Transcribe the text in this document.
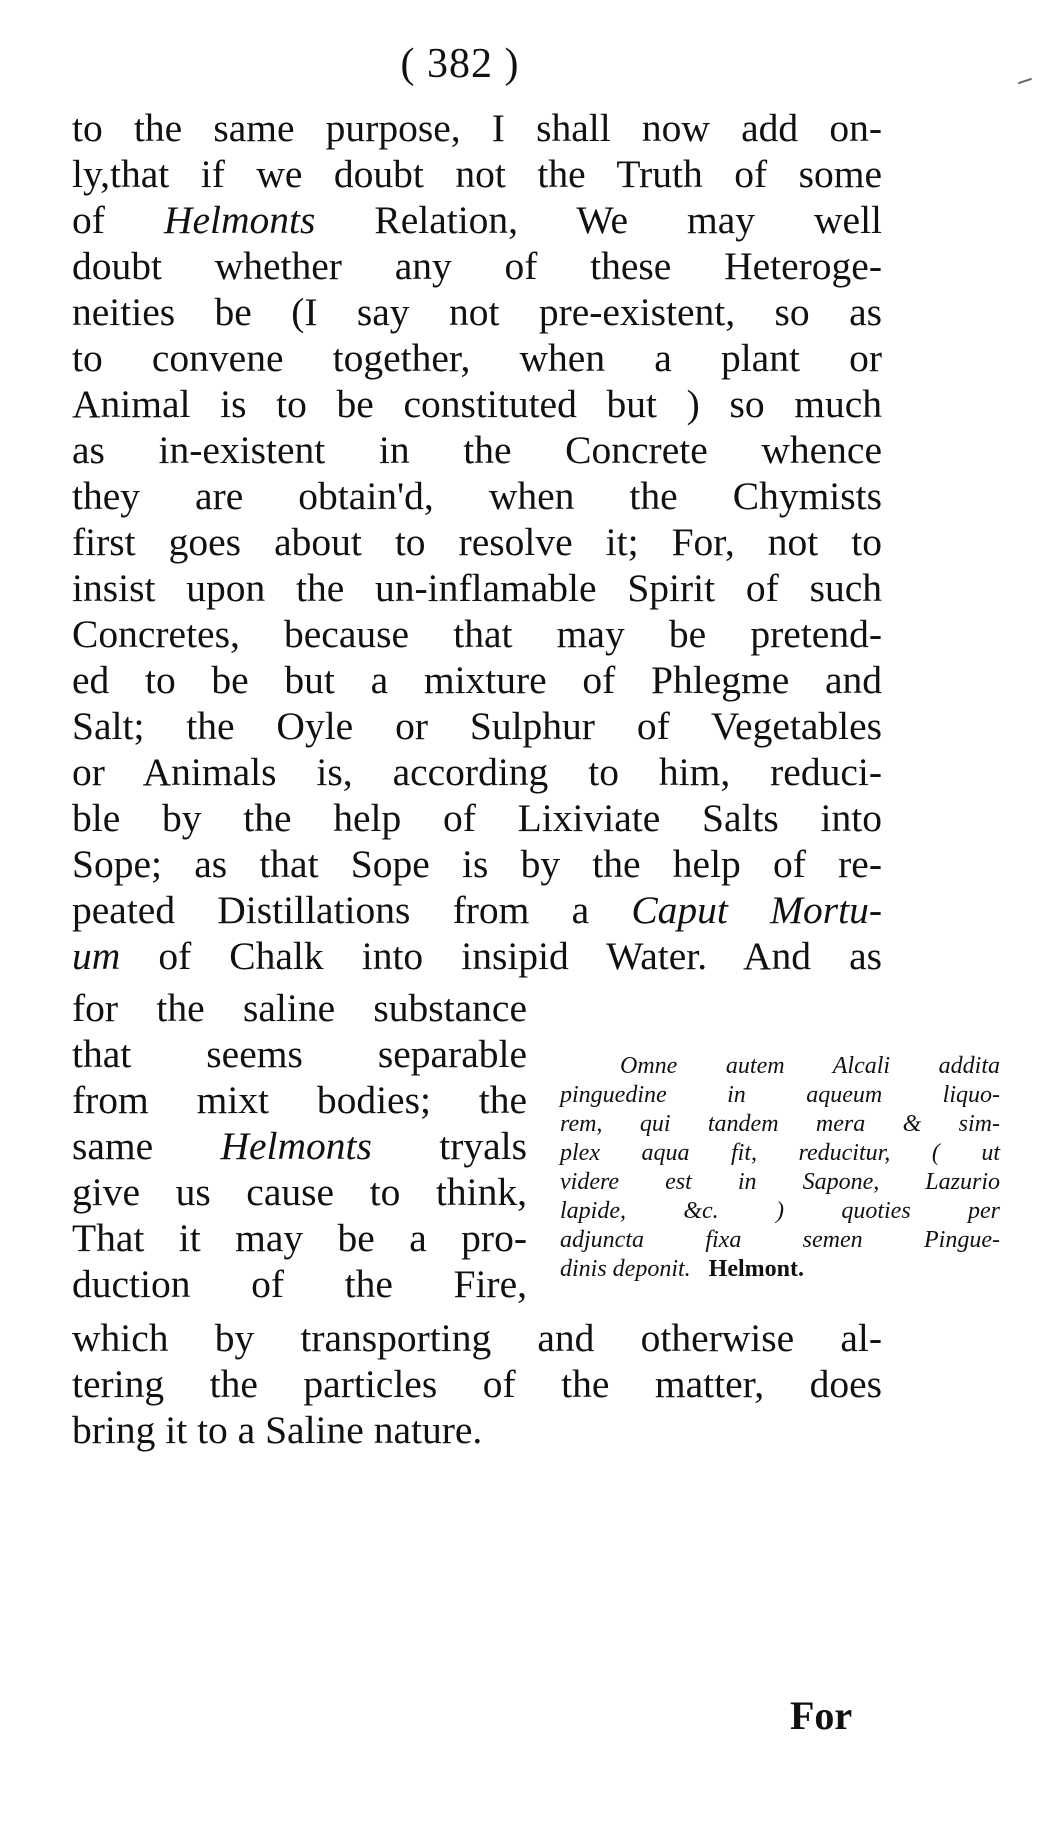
( 382 )
to the same purpose, I shall now add on-
ly,that if we doubt not the Truth of some
of Helmonts Relation, We may well
doubt whether any of these Heteroge-
neities be (I say not pre-existent, so as
to convene together, when a plant or
Animal is to be constituted but ) so much
as in-existent in the Concrete whence
they are obtain'd, when the Chymists
first goes about to resolve it; For, not to
insist upon the un-inflamable Spirit of such
Concretes, because that may be pretend-
ed to be but a mixture of Phlegme and
Salt; the Oyle or Sulphur of Vegetables
or Animals is, according to him, reduci-
ble by the help of Lixiviate Salts into
Sope; as that Sope is by the help of re-
peated Distillations from a Caput Mortu-
um of Chalk into insipid Water. And as
for the saline substance
that seems separable
from mixt bodies; the
same Helmonts tryals
give us cause to think,
That it may be a pro-
duction of the Fire,
which by transporting and otherwise al-
tering the particles of the matter, does
bring it to a Saline nature.
Omne autem Alcali addita
pinguedine in aqueum liquo-
rem, qui tandem mera & sim-
plex aqua fit, reducitur, ( ut
videre est in Sapone, Lazurio
lapide, &c. ) quoties per
adjuncta fixa semen Pingue-
dinis deponit. Helmont.
For
